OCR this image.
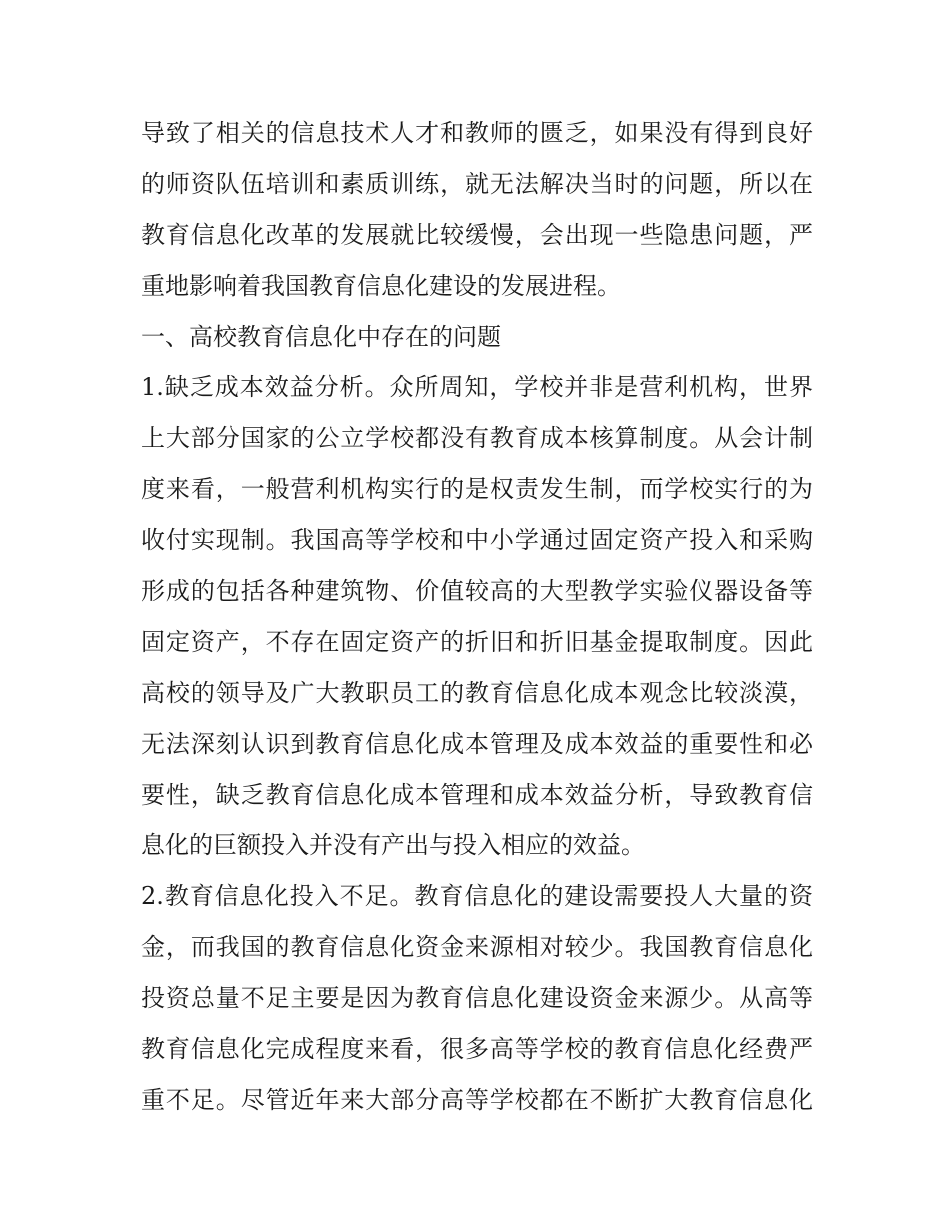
导致了相关的信息技术人才和教师的匮乏，如果没有得到良好
的师资队伍培训和素质训练，就无法解决当时的问题，所以在
教育信息化改革的发展就比较缓慢，会出现一些隐患问题，严
重地影响着我国教育信息化建设的发展进程。
一、高校教育信息化中存在的问题
1.缺乏成本效益分析。众所周知，学校并非是营利机构，世界
上大部分国家的公立学校都没有教育成本核算制度。从会计制
度来看，一般营利机构实行的是权责发生制，而学校实行的为
收付实现制。我国高等学校和中小学通过固定资产投入和采购
形成的包括各种建筑物、价值较高的大型教学实验仪器设备等
固定资产，不存在固定资产的折旧和折旧基金提取制度。因此
高校的领导及广大教职员工的教育信息化成本观念比较淡漠，
无法深刻认识到教育信息化成本管理及成本效益的重要性和必
要性，缺乏教育信息化成本管理和成本效益分析，导致教育信
息化的巨额投入并没有产出与投入相应的效益。
2.教育信息化投入不足。教育信息化的建设需要投人大量的资
金，而我国的教育信息化资金来源相对较少。我国教育信息化
投资总量不足主要是因为教育信息化建设资金来源少。从高等
教育信息化完成程度来看，很多高等学校的教育信息化经费严
重不足。尽管近年来大部分高等学校都在不断扩大教育信息化
